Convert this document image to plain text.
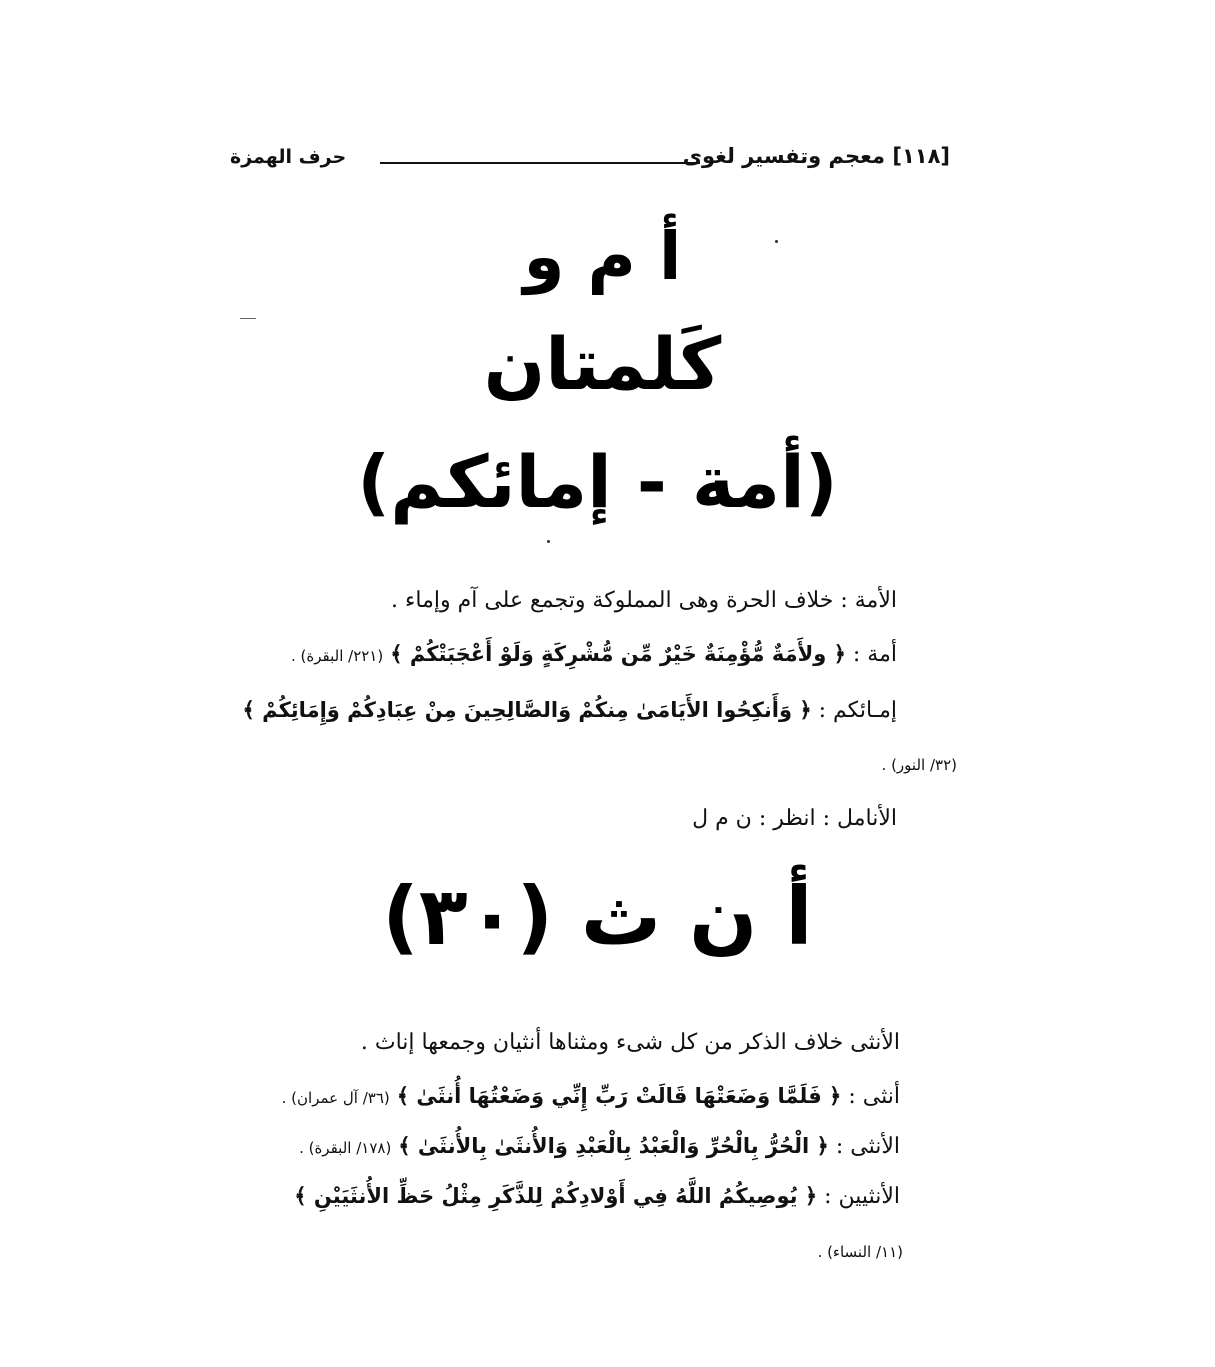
[١١٨] معجم وتفسير لغوى
حرف الهمزة
أ م و
كَلمتان
(أمة - إمائكم)
الأمة : خلاف الحرة وهى المملوكة وتجمع على آم وإماء .
أمة : ﴿ ولأَمَةٌ مُّؤْمِنَةٌ خَيْرٌ مِّن مُّشْرِكَةٍ وَلَوْ أَعْجَبَتْكُمْ ﴾ (٢٢١/ البقرة) .
إمـائكم : ﴿ وَأَنكِحُوا الأَيَامَىٰ مِنكُمْ وَالصَّالِحِينَ مِنْ عِبَادِكُمْ وَإِمَائِكُمْ ﴾
(٣٢/ النور) .
الأنامل : انظر : ن م ل
أ ن ث (٣٠)
الأنثى خلاف الذكر من كل شىء ومثناها أنثيان وجمعها إناث .
أنثى : ﴿ فَلَمَّا وَضَعَتْهَا قَالَتْ رَبِّ إِنِّي وَضَعْتُهَا أُنثَىٰ ﴾ (٣٦/ آل عمران) .
الأنثى : ﴿ الْحُرُّ بِالْحُرِّ وَالْعَبْدُ بِالْعَبْدِ وَالأُنثَىٰ بِالأُنثَىٰ ﴾ (١٧٨/ البقرة) .
الأنثيين : ﴿ يُوصِيكُمُ اللَّهُ فِي أَوْلادِكُمْ لِلذَّكَرِ مِثْلُ حَظِّ الأُنثَيَيْنِ ﴾
(١١/ النساء) .
